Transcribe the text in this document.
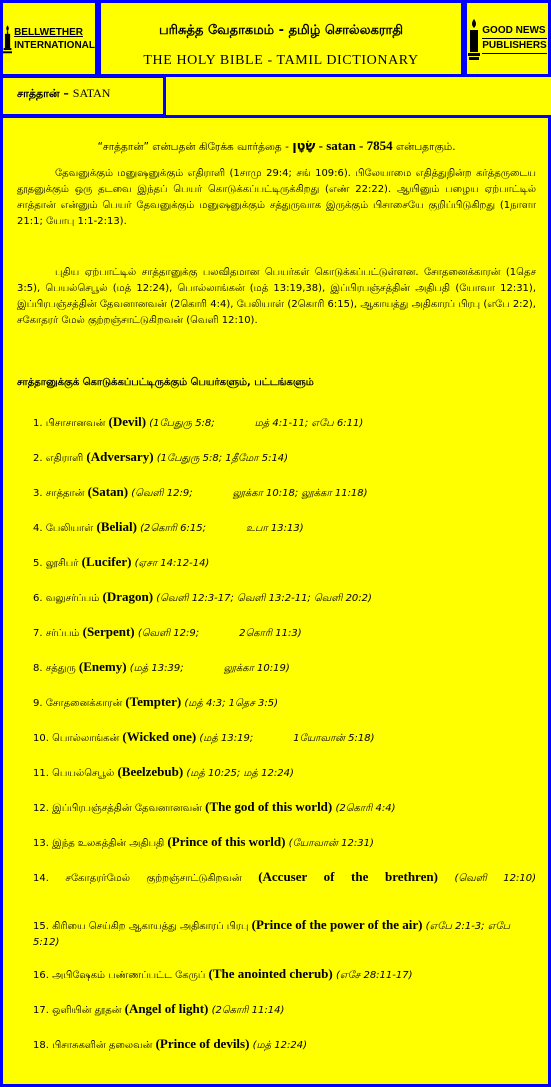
BELLWETHER
INTERNATIONAL
பரிசுத்த வேதாகமம் - தமிழ் சொல்லகராதி
THE HOLY BIBLE - TAMIL DICTIONARY
GOOD NEWS
PUBLISHERS
சாத்தான் – SATAN
“சாத்தான்” என்பதன் கிரேக்க வார்த்தை - שָׂטָן - satan - 7854 என்பதாகும்.
தேவனுக்கும் மனுஷனுக்கும் எதிராளி (1சாமு 29:4; சங் 109:6). பிலேயாமை எதித்துநின்ற கர்த்தருடைய தூதனுக்கும் ஒரு தடவை இந்தப் பெயர் கொடுக்கப்பட்டிருக்கிறது (எண் 22:22). ஆயினும் பழைய ஏற்பாட்டில் சாத்தான் என்னும் பெயர் தேவனுக்கும் மனுஷனுக்கும் சத்துருவாக இருக்கும் பிசாசையே குறிப்பிடுகிறது (1நாளா 21:1; யோபு 1:1-2:13).
புதிய ஏற்பாட்டில் சாத்தானுக்கு பலவிதமான பெயர்கள் கொடுக்கப்பட்டுள்ளன. சோதனைக்காரன் (1தெச 3:5), பெயல்செபூல் (மத் 12:24), பொல்லாங்கன் (மத் 13:19,38), இப்பிரபஞ்சத்தின் அதிபதி (யோவா 12:31), இப்பிரபஞ்சத்தின் தேவனானவன் (2கொரி 4:4), பேலியாள் (2கொரி 6:15), ஆகாயத்து அதிகாரப் பிரபு (எபே 2:2), சகோதரர் மேல் குற்றஞ்சாட்டுகிறவன் (வெளி 12:10).
சாத்தானுக்குக் கொடுக்கப்பட்டிருக்கும் பெயர்களும், பட்டங்களும்
1. பிசாசானவன் (Devil) (1பேதுரு 5:8;	மத் 4:1-11; எபே 6:11)
2. எதிராளி (Adversary) (1பேதுரு 5:8; 1தீமோ 5:14)
3. சாத்தான் (Satan) (வெளி 12:9;	லூக்கா 10:18; லூக்கா 11:18)
4. பேலியாள் (Belial) (2கொரி 6:15;	உபா 13:13)
5. லூசிபர் (Lucifer) (ஏசா 14:12-14)
6. வலுசர்ப்பம் (Dragon) (வெளி 12:3-17; வெளி 13:2-11; வெளி 20:2)
7. சர்ப்பம் (Serpent) (வெளி 12:9;	2கொரி 11:3)
8. சத்துரு (Enemy) (மத் 13:39;	லூக்கா 10:19)
9. சோதனைக்காரன் (Tempter) (மத் 4:3; 1தெச 3:5)
10. பொல்லாங்கன் (Wicked one) (மத் 13:19;	1யோவான் 5:18)
11. பெயல்செபூல் (Beelzebub) (மத் 10:25; மத் 12:24)
12. இப்பிரபஞ்சத்தின் தேவனானவன் (The god of this world) (2கொரி 4:4)
13. இந்த உலகத்தின் அதிபதி (Prince of this world) (யோவான் 12:31)
14. சகோதரர்மேல் குற்றஞ்சாட்டுகிறவன் (Accuser of the brethren) (வெளி 12:10)
15. கிரியை செய்கிற ஆகாயத்து அதிகாரப் பிரபு (Prince of the power of the air) (எபே 2:1-3; எபே 5:12)
16. அபிஷேகம் பண்ணப்பட்ட கேருப் (The anointed cherub) (எசே 28:11-17)
17. ஒளியின் தூதன் (Angel of light) (2கொரி 11:14)
18. பிசாசுகளின் தலைவன் (Prince of devils) (மத் 12:24)
